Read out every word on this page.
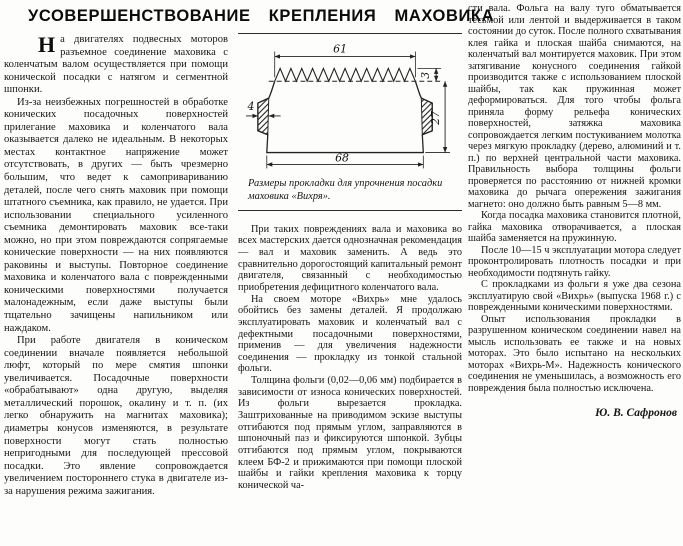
УСОВЕРШЕНСТВОВАНИЕ КРЕПЛЕНИЯ МАХОВИКА

На двигателях подвесных моторов разъемное соединение маховика с коленчатым валом осуществляется при помощи конической посадки с натягом и сегментной шпонки.

Из-за неизбежных погрешностей в обработке конических посадочных поверхностей прилегание маховика и коленчатого вала оказывается далеко не идеальным. В некоторых местах контактное напряжение может отсутствовать, в других — быть чрезмерно большим, что ведет к самопривариванию деталей, после чего снять маховик при помощи штатного съемника, как правило, не удается. При использовании специального усиленного съемника демонтировать маховик все-таки можно, но при этом повреждаются сопрягаемые конические поверхности — на них появляются раковины и выступы. Повторное соединение маховика и коленчатого вала с поврежденными коническими поверхностями получается малонадежным, если даже выступы были тщательно зачищены напильником или наждаком.

При работе двигателя в коническом соединении вначале появляется небольшой люфт, который по мере смятия шпонки увеличивается. Посадочные поверхности «обрабатывают» одна другую, выделяя металлический порошок, окалину и т. п. (их легко обнаружить на магнитах маховика); диаметры конусов изменяются, в результате поверхности могут стать полностью непригодными для последующей прессовой посадки. Это явление сопровождается увеличением постороннего стука в двигателе из-за нарушения режима зажигания.

61
3
27
4
68

Размеры прокладки для упрочнения посадки маховика «Вихря».

При таких повреждениях вала и маховика во всех мастерских дается однозначная рекомендация — вал и маховик заменить. А ведь это сравнительно дорогостоящий капитальный ремонт двигателя, связанный с необходимостью приобретения дефицитного коленчатого вала.

На своем моторе «Вихрь» мне удалось обойтись без замены деталей. Я продолжаю эксплуатировать маховик и коленчатый вал с дефектными посадочными поверхностями, применив — для увеличения надежности соединения — прокладку из тонкой стальной фольги.

Толщина фольги (0,02—0,06 мм) подбирается в зависимости от износа конических поверхностей. Из фольги вырезается прокладка. Заштрихованные на приводимом эскизе выступы отгибаются под прямым углом, заправляются в шпоночный паз и фиксируются шпонкой. Зубцы отгибаются под прямым углом, покрываются клеем БФ-2 и прижимаются при помощи плоской шайбы и гайки крепления маховика к торцу конической ча-

сти вала. Фольга на валу туго обматывается тесьмой или лентой и выдерживается в таком состоянии до суток. После полного схватывания клея гайка и плоская шайба снимаются, на коленчатый вал монтируется маховик. При этом затягивание конусного соединения гайкой производится также с использованием плоской шайбы, так как пружинная может деформироваться. Для того чтобы фольга приняла форму рельефа конических поверхностей, затяжка маховика сопровождается легким постукиванием молотка через мягкую прокладку (дерево, алюминий и т. п.) по верхней центральной части маховика. Правильность выбора толщины фольги проверяется по расстоянию от нижней кромки маховика до рычага опережения зажигания магнето: оно должно быть равным 5—8 мм.

Когда посадка маховика становится плотной, гайка маховика отворачивается, а плоская шайба заменяется на пружинную.

После 10—15 ч эксплуатации мотора следует проконтролировать плотность посадки и при необходимости подтянуть гайку.

С прокладками из фольги я уже два сезона эксплуатирую свой «Вихрь» (выпуска 1968 г.) с поврежденными коническими поверхностями.

Опыт использования прокладки в разрушенном коническом соединении навел на мысль использовать ее также и на новых моторах. Это было испытано на нескольких моторах «Вихрь-М». Надежность конического соединения не уменьшилась, а возможность его повреждения была полностью исключена.

Ю. В. Сафронов
